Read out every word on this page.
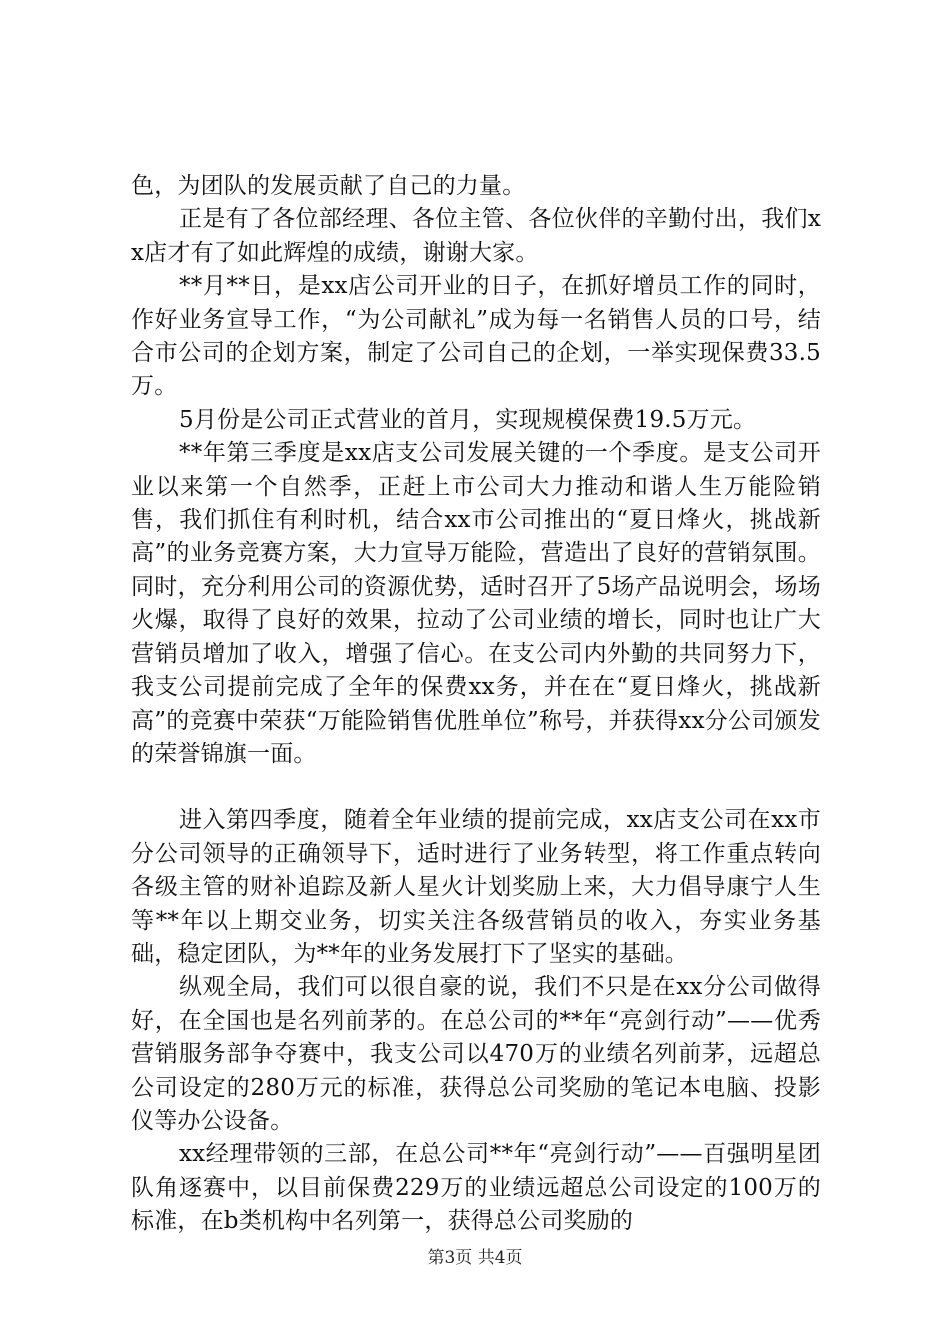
色，为团队的发展贡献了自己的力量。

正是有了各位部经理、各位主管、各位伙伴的辛勤付出，我们xx店才有了如此辉煌的成绩，谢谢大家。

**月**日，是xx店公司开业的日子，在抓好增员工作的同时，作好业务宣导工作，“为公司献礼”成为每一名销售人员的口号，结合市公司的企划方案，制定了公司自己的企划，一举实现保费33.5万。

5月份是公司正式营业的首月，实现规模保费19.5万元。

**年第三季度是xx店支公司发展关键的一个季度。是支公司开业以来第一个自然季，正赶上市公司大力推动和谐人生万能险销售，我们抓住有利时机，结合xx市公司推出的“夏日烽火，挑战新高”的业务竞赛方案，大力宣导万能险，营造出了良好的营销氛围。同时，充分利用公司的资源优势，适时召开了5场产品说明会，场场火爆，取得了良好的效果，拉动了公司业绩的增长，同时也让广大营销员增加了收入，增强了信心。在支公司内外勤的共同努力下，我支公司提前完成了全年的保费xx务，并在在“夏日烽火，挑战新高”的竞赛中荣获“万能险销售优胜单位”称号，并获得xx分公司颁发的荣誉锦旗一面。

进入第四季度，随着全年业绩的提前完成，xx店支公司在xx市分公司领导的正确领导下，适时进行了业务转型，将工作重点转向各级主管的财补追踪及新人星火计划奖励上来，大力倡导康宁人生等**年以上期交业务，切实关注各级营销员的收入，夯实业务基础，稳定团队，为**年的业务发展打下了坚实的基础。

纵观全局，我们可以很自豪的说，我们不只是在xx分公司做得好，在全国也是名列前茅的。在总公司的**年“亮剑行动”——优秀营销服务部争夺赛中，我支公司以470万的业绩名列前茅，远超总公司设定的280万元的标准，获得总公司奖励的笔记本电脑、投影仪等办公设备。

xx经理带领的三部，在总公司**年“亮剑行动”——百强明星团队角逐赛中，以目前保费229万的业绩远超总公司设定的100万的标准，在b类机构中名列第一，获得总公司奖励的

第3页 共4页
